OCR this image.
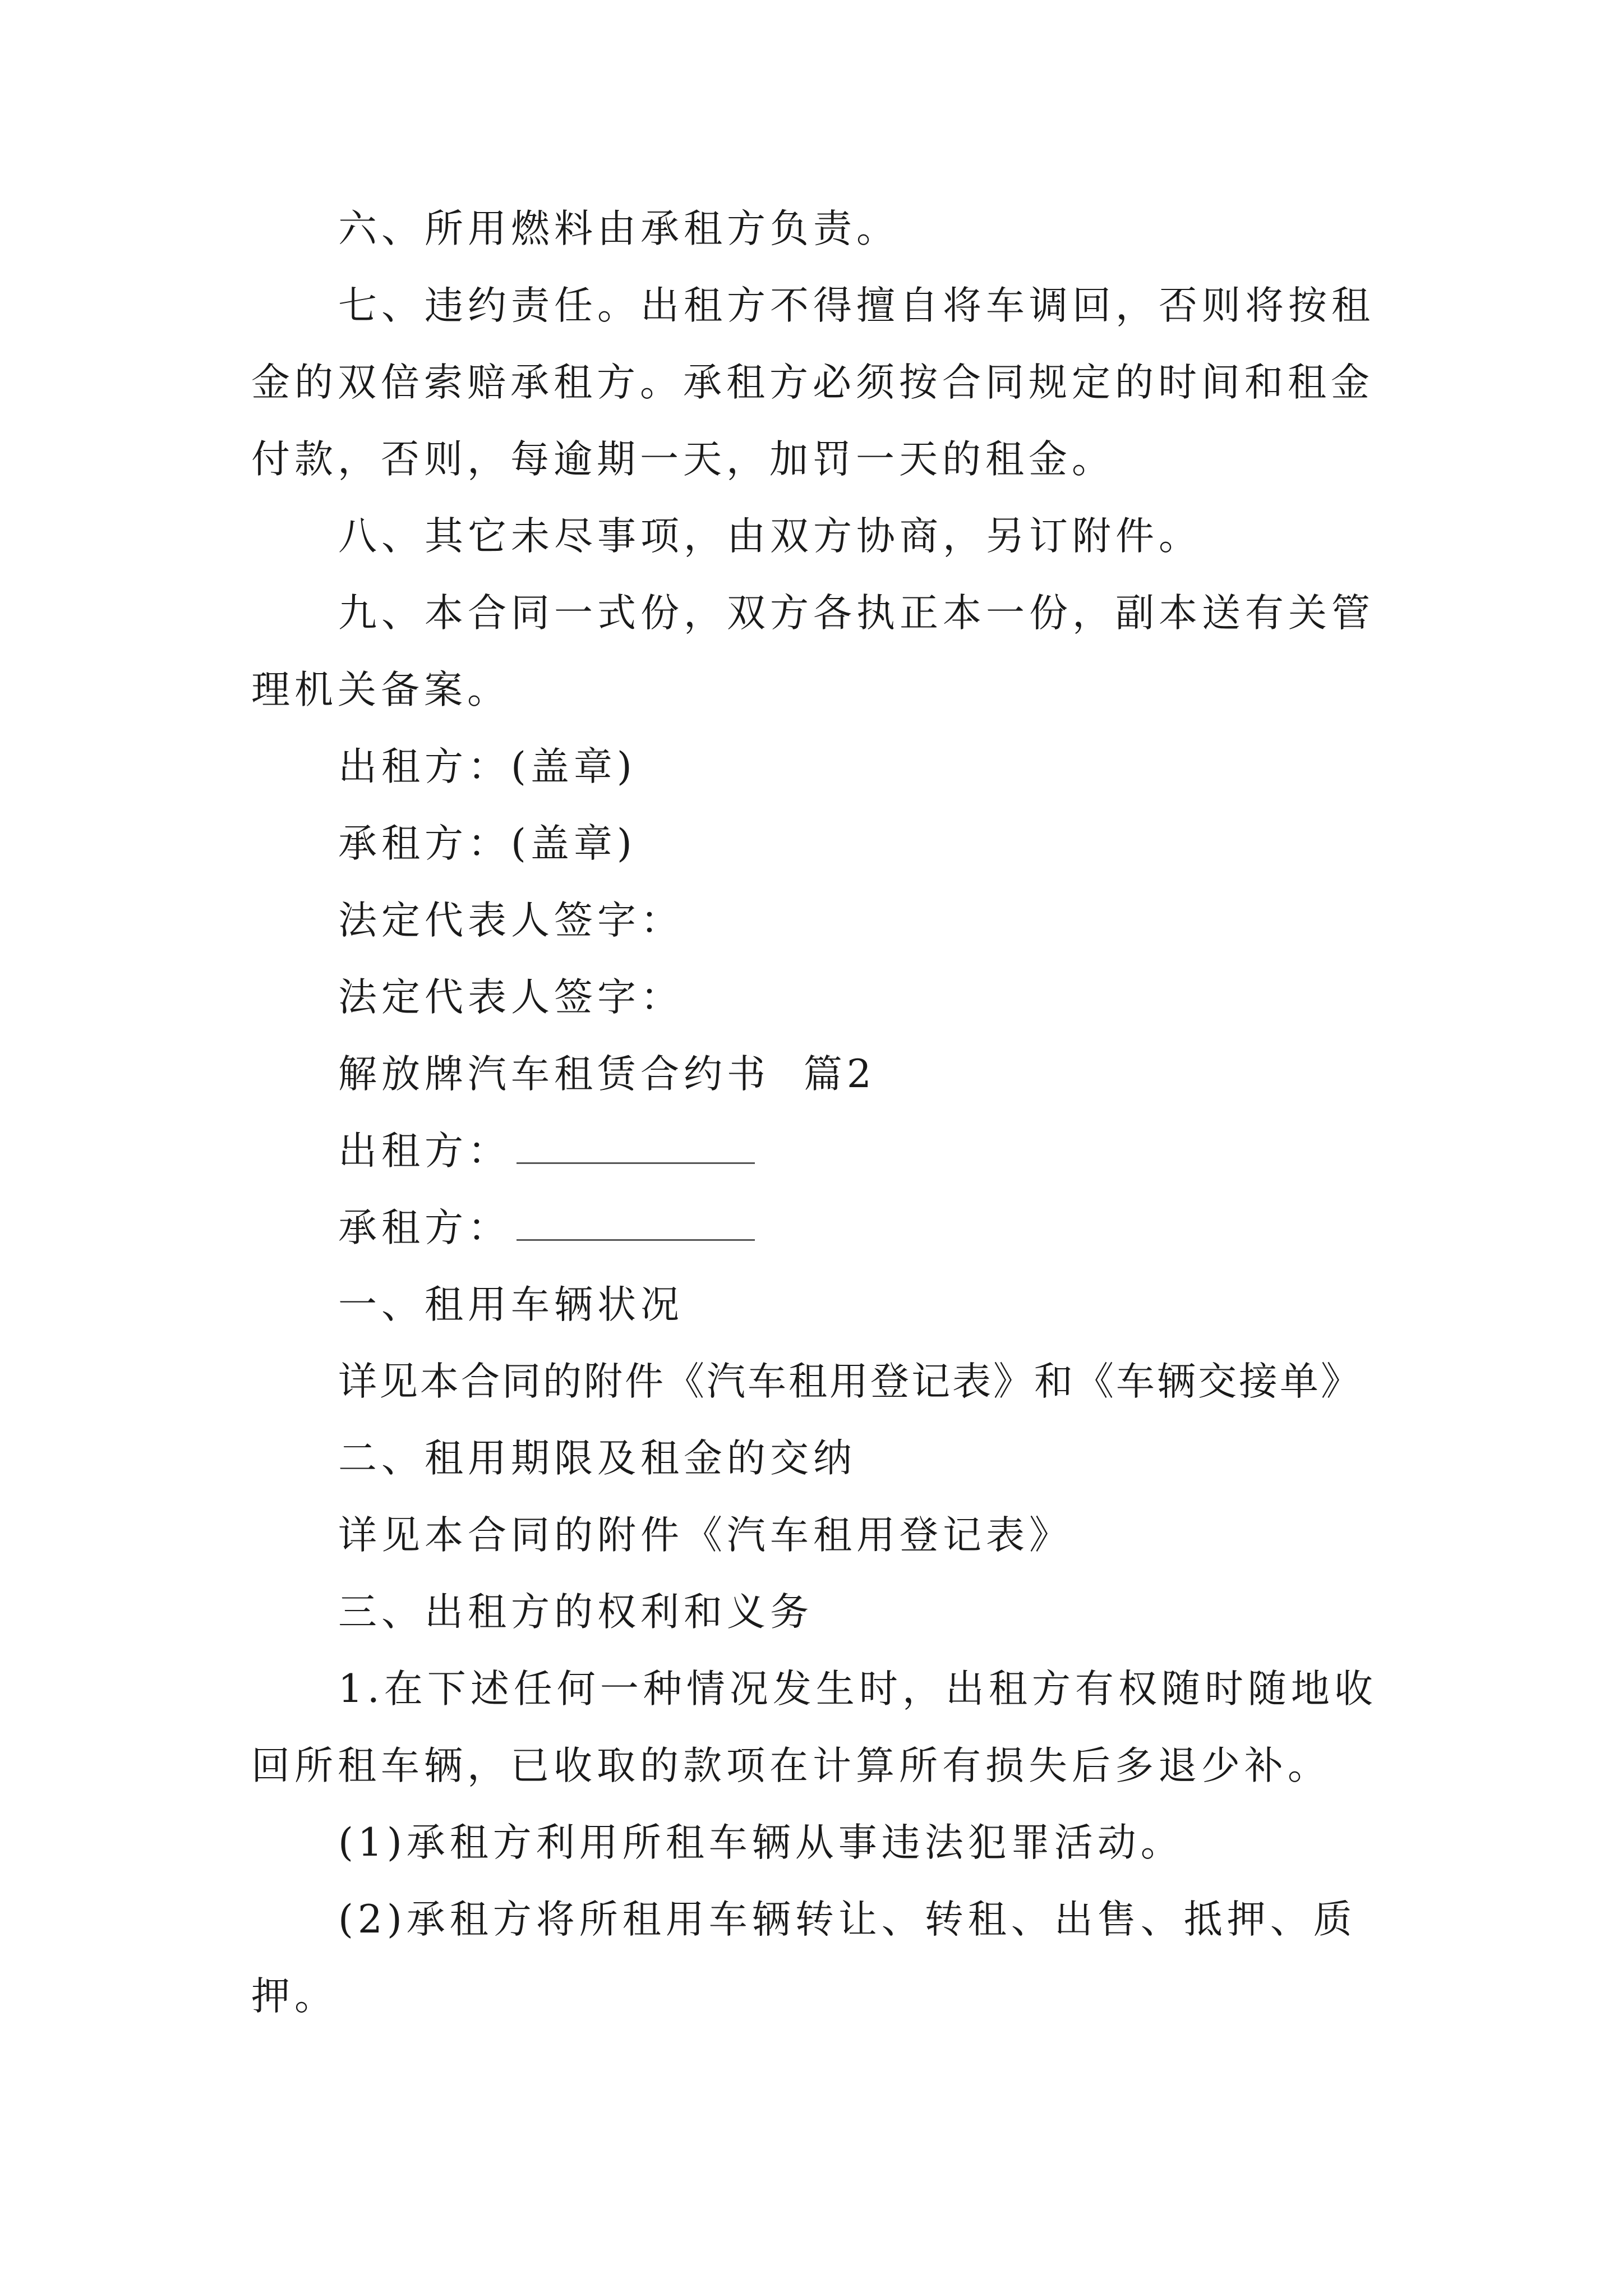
六、所用燃料由承租方负责。

七、违约责任。出租方不得擅自将车调回，否则将按租金的双倍索赔承租方。承租方必须按合同规定的时间和租金付款，否则，每逾期一天，加罚一天的租金。

八、其它未尽事项，由双方协商，另订附件。

九、本合同一式份，双方各执正本一份，副本送有关管理机关备案。

出租方：(盖章)

承租方：(盖章)

法定代表人签字：

法定代表人签字：

解放牌汽车租赁合约书  篇2

出租方：

承租方：

一、租用车辆状况

详见本合同的附件《汽车租用登记表》和《车辆交接单》

二、租用期限及租金的交纳

详见本合同的附件《汽车租用登记表》

三、出租方的权利和义务

1.在下述任何一种情况发生时，出租方有权随时随地收回所租车辆，已收取的款项在计算所有损失后多退少补。

(1)承租方利用所租车辆从事违法犯罪活动。

(2)承租方将所租用车辆转让、转租、出售、抵押、质押。
